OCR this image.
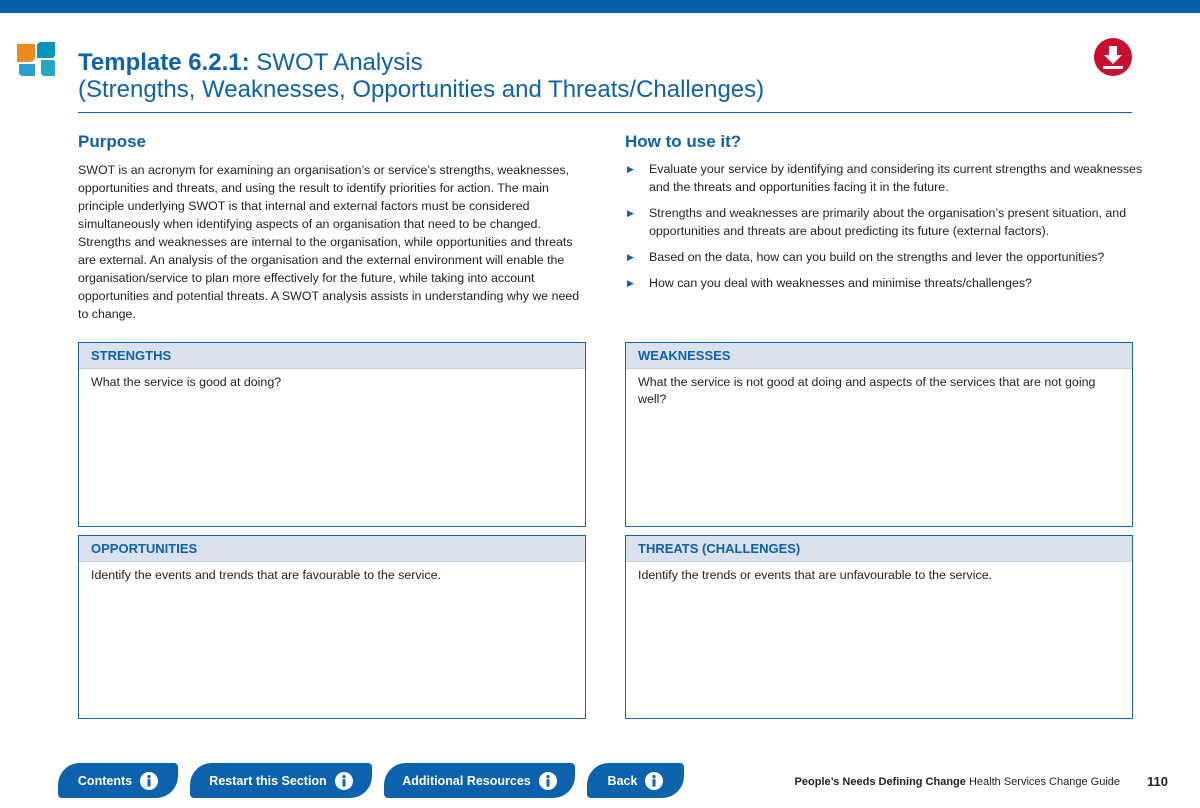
Template 6.2.1: SWOT Analysis
(Strengths, Weaknesses, Opportunities and Threats/Challenges)
Purpose
SWOT is an acronym for examining an organisation’s or service’s strengths, weaknesses, opportunities and threats, and using the result to identify priorities for action. The main principle underlying SWOT is that internal and external factors must be considered simultaneously when identifying aspects of an organisation that need to be changed. Strengths and weaknesses are internal to the organisation, while opportunities and threats are external. An analysis of the organisation and the external environment will enable the organisation/service to plan more effectively for the future, while taking into account opportunities and potential threats. A SWOT analysis assists in understanding why we need to change.
How to use it?
▶ Evaluate your service by identifying and considering its current strengths and weaknesses and the threats and opportunities facing it in the future.
▶ Strengths and weaknesses are primarily about the organisation’s present situation, and opportunities and threats are about predicting its future (external factors).
▶ Based on the data, how can you build on the strengths and lever the opportunities?
▶ How can you deal with weaknesses and minimise threats/challenges?
STRENGTHS
What the service is good at doing?
WEAKNESSES
What the service is not good at doing and aspects of the services that are not going well?
OPPORTUNITIES
Identify the events and trends that are favourable to the service.
THREATS (CHALLENGES)
Identify the trends or events that are unfavourable to the service.
Contents	Restart this Section	Additional Resources	Back	People’s Needs Defining Change Health Services Change Guide 110
